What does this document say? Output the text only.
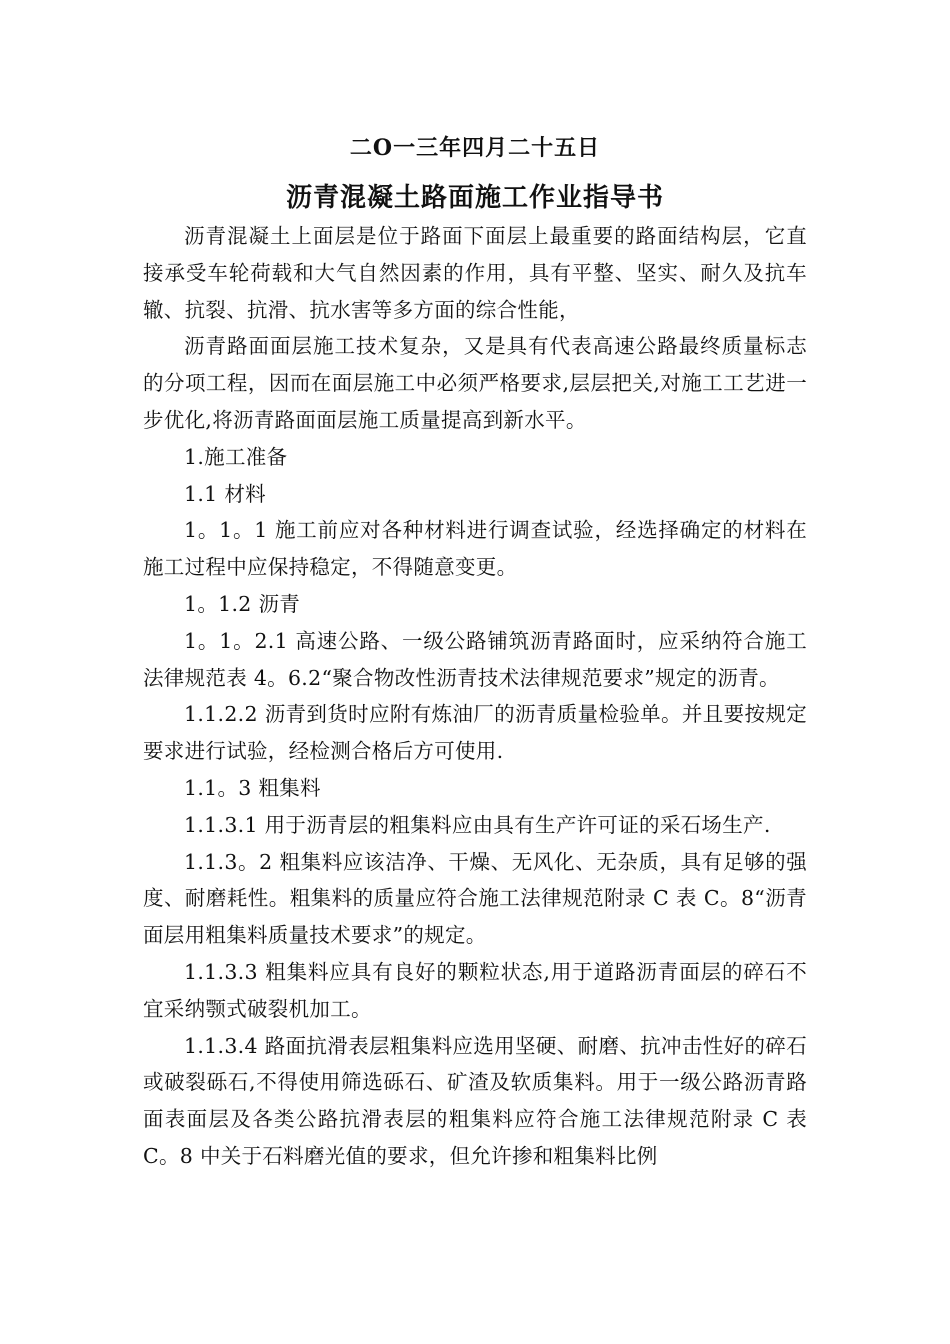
二O一三年四月二十五日
沥青混凝土路面施工作业指导书

沥青混凝土上面层是位于路面下面层上最重要的路面结构层，它直接承受车轮荷载和大气自然因素的作用，具有平整、坚实、耐久及抗车辙、抗裂、抗滑、抗水害等多方面的综合性能，

沥青路面面层施工技术复杂，又是具有代表高速公路最终质量标志的分项工程，因而在面层施工中必须严格要求,层层把关,对施工工艺进一步优化,将沥青路面面层施工质量提高到新水平。

1.施工准备

1.1 材料

1。1。1 施工前应对各种材料进行调查试验，经选择确定的材料在施工过程中应保持稳定，不得随意变更。

1。1.2 沥青

1。1。2.1 高速公路、一级公路铺筑沥青路面时，应采纳符合施工法律规范表 4。6.2“聚合物改性沥青技术法律规范要求”规定的沥青。

1.1.2.2 沥青到货时应附有炼油厂的沥青质量检验单。并且要按规定要求进行试验，经检测合格后方可使用.

1.1。3 粗集料

1.1.3.1 用于沥青层的粗集料应由具有生产许可证的采石场生产.

1.1.3。2 粗集料应该洁净、干燥、无风化、无杂质，具有足够的强度、耐磨耗性。粗集料的质量应符合施工法律规范附录 C 表 C。8“沥青面层用粗集料质量技术要求”的规定。

1.1.3.3 粗集料应具有良好的颗粒状态,用于道路沥青面层的碎石不宜采纳颚式破裂机加工。

1.1.3.4 路面抗滑表层粗集料应选用坚硬、耐磨、抗冲击性好的碎石或破裂砾石,不得使用筛选砾石、矿渣及软质集料。用于一级公路沥青路面表面层及各类公路抗滑表层的粗集料应符合施工法律规范附录 C 表 C。8 中关于石料磨光值的要求，但允许掺和粗集料比例
